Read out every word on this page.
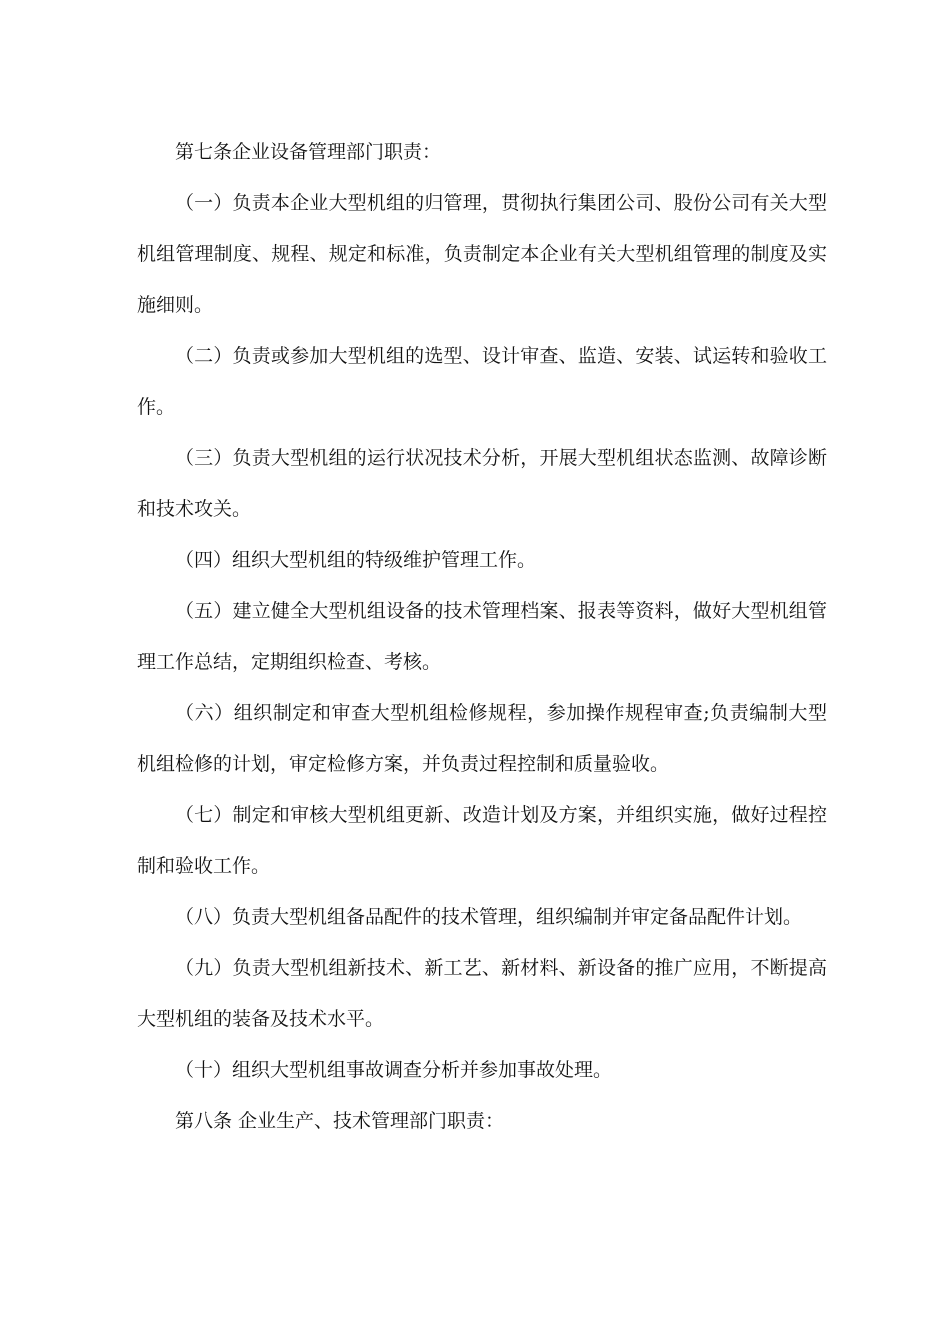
第七条企业设备管理部门职责：

（一）负责本企业大型机组的归管理，贯彻执行集团公司、股份公司有关大型机组管理制度、规程、规定和标准，负责制定本企业有关大型机组管理的制度及实施细则。

（二）负责或参加大型机组的选型、设计审查、监造、安装、试运转和验收工作。

（三）负责大型机组的运行状况技术分析，开展大型机组状态监测、故障诊断和技术攻关。

（四）组织大型机组的特级维护管理工作。

（五）建立健全大型机组设备的技术管理档案、报表等资料，做好大型机组管理工作总结，定期组织检查、考核。

（六）组织制定和审查大型机组检修规程，参加操作规程审查;负责编制大型机组检修的计划，审定检修方案，并负责过程控制和质量验收。

（七）制定和审核大型机组更新、改造计划及方案，并组织实施，做好过程控制和验收工作。

（八）负责大型机组备品配件的技术管理，组织编制并审定备品配件计划。

（九）负责大型机组新技术、新工艺、新材料、新设备的推广应用，不断提高大型机组的装备及技术水平。

（十）组织大型机组事故调查分析并参加事故处理。

第八条 企业生产、技术管理部门职责：
